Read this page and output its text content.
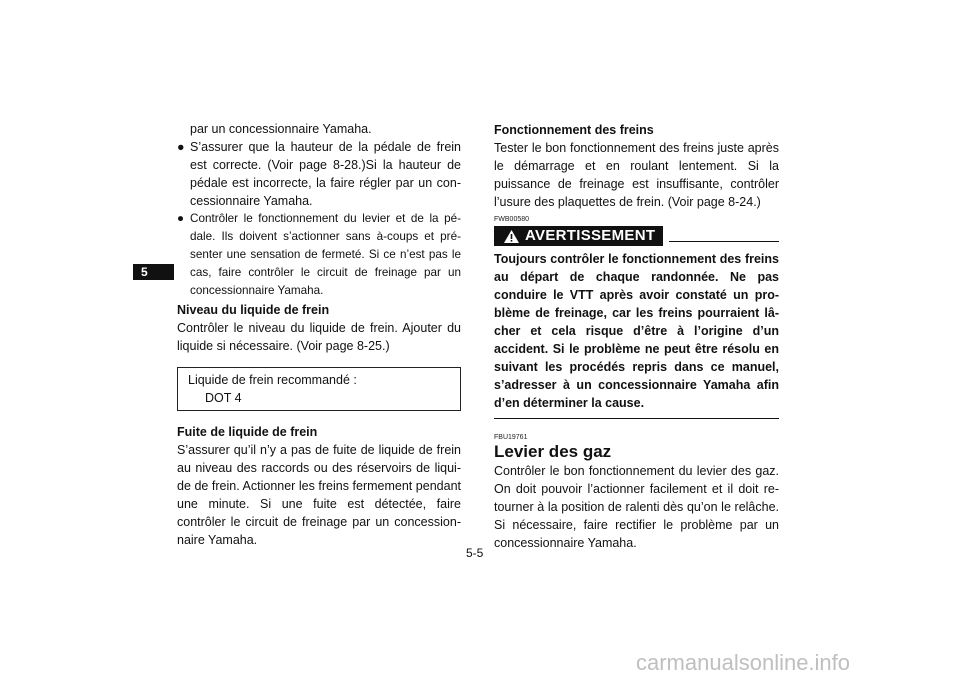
5

par un concessionnaire Yamaha.

● S’assurer que la hauteur de la pédale de frein est correcte. (Voir page 8-28.)Si la hauteur de pédale est incorrecte, la faire régler par un concessionnaire Yamaha.
● Contrôler le fonctionnement du levier et de la pédale. Ils doivent s’actionner sans à-coups et présenter une sensation de fermeté. Si ce n’est pas le cas, faire contrôler le circuit de freinage par un concessionnaire Yamaha.

Niveau du liquide de frein

Contrôler le niveau du liquide de frein. Ajouter du liquide si nécessaire. (Voir page 8-25.)

Liquide de frein recommandé :
DOT 4

Fuite de liquide de frein

S’assurer qu’il n’y a pas de fuite de liquide de frein au niveau des raccords ou des réservoirs de liquide de frein. Actionner les freins fermement pendant une minute. Si une fuite est détectée, faire contrôler le circuit de freinage par un concessionnaire Yamaha.

Fonctionnement des freins

Tester le bon fonctionnement des freins juste après le démarrage et en roulant lentement. Si la puissance de freinage est insuffisante, contrôler l’usure des plaquettes de frein. (Voir page 8-24.)

FWB00580
AVERTISSEMENT

Toujours contrôler le fonctionnement des freins au départ de chaque randonnée. Ne pas conduire le VTT après avoir constaté un problème de freinage, car les freins pourraient lâcher et cela risque d’être à l’origine d’un accident. Si le problème ne peut être résolu en suivant les procédés repris dans ce manuel, s’adresser à un concessionnaire Yamaha afin d’en déterminer la cause.

FBU19761
Levier des gaz

Contrôler le bon fonctionnement du levier des gaz. On doit pouvoir l’actionner facilement et il doit retourner à la position de ralenti dès qu’on le relâche. Si nécessaire, faire rectifier le problème par un concessionnaire Yamaha.

5-5
carmanualsonline.info
